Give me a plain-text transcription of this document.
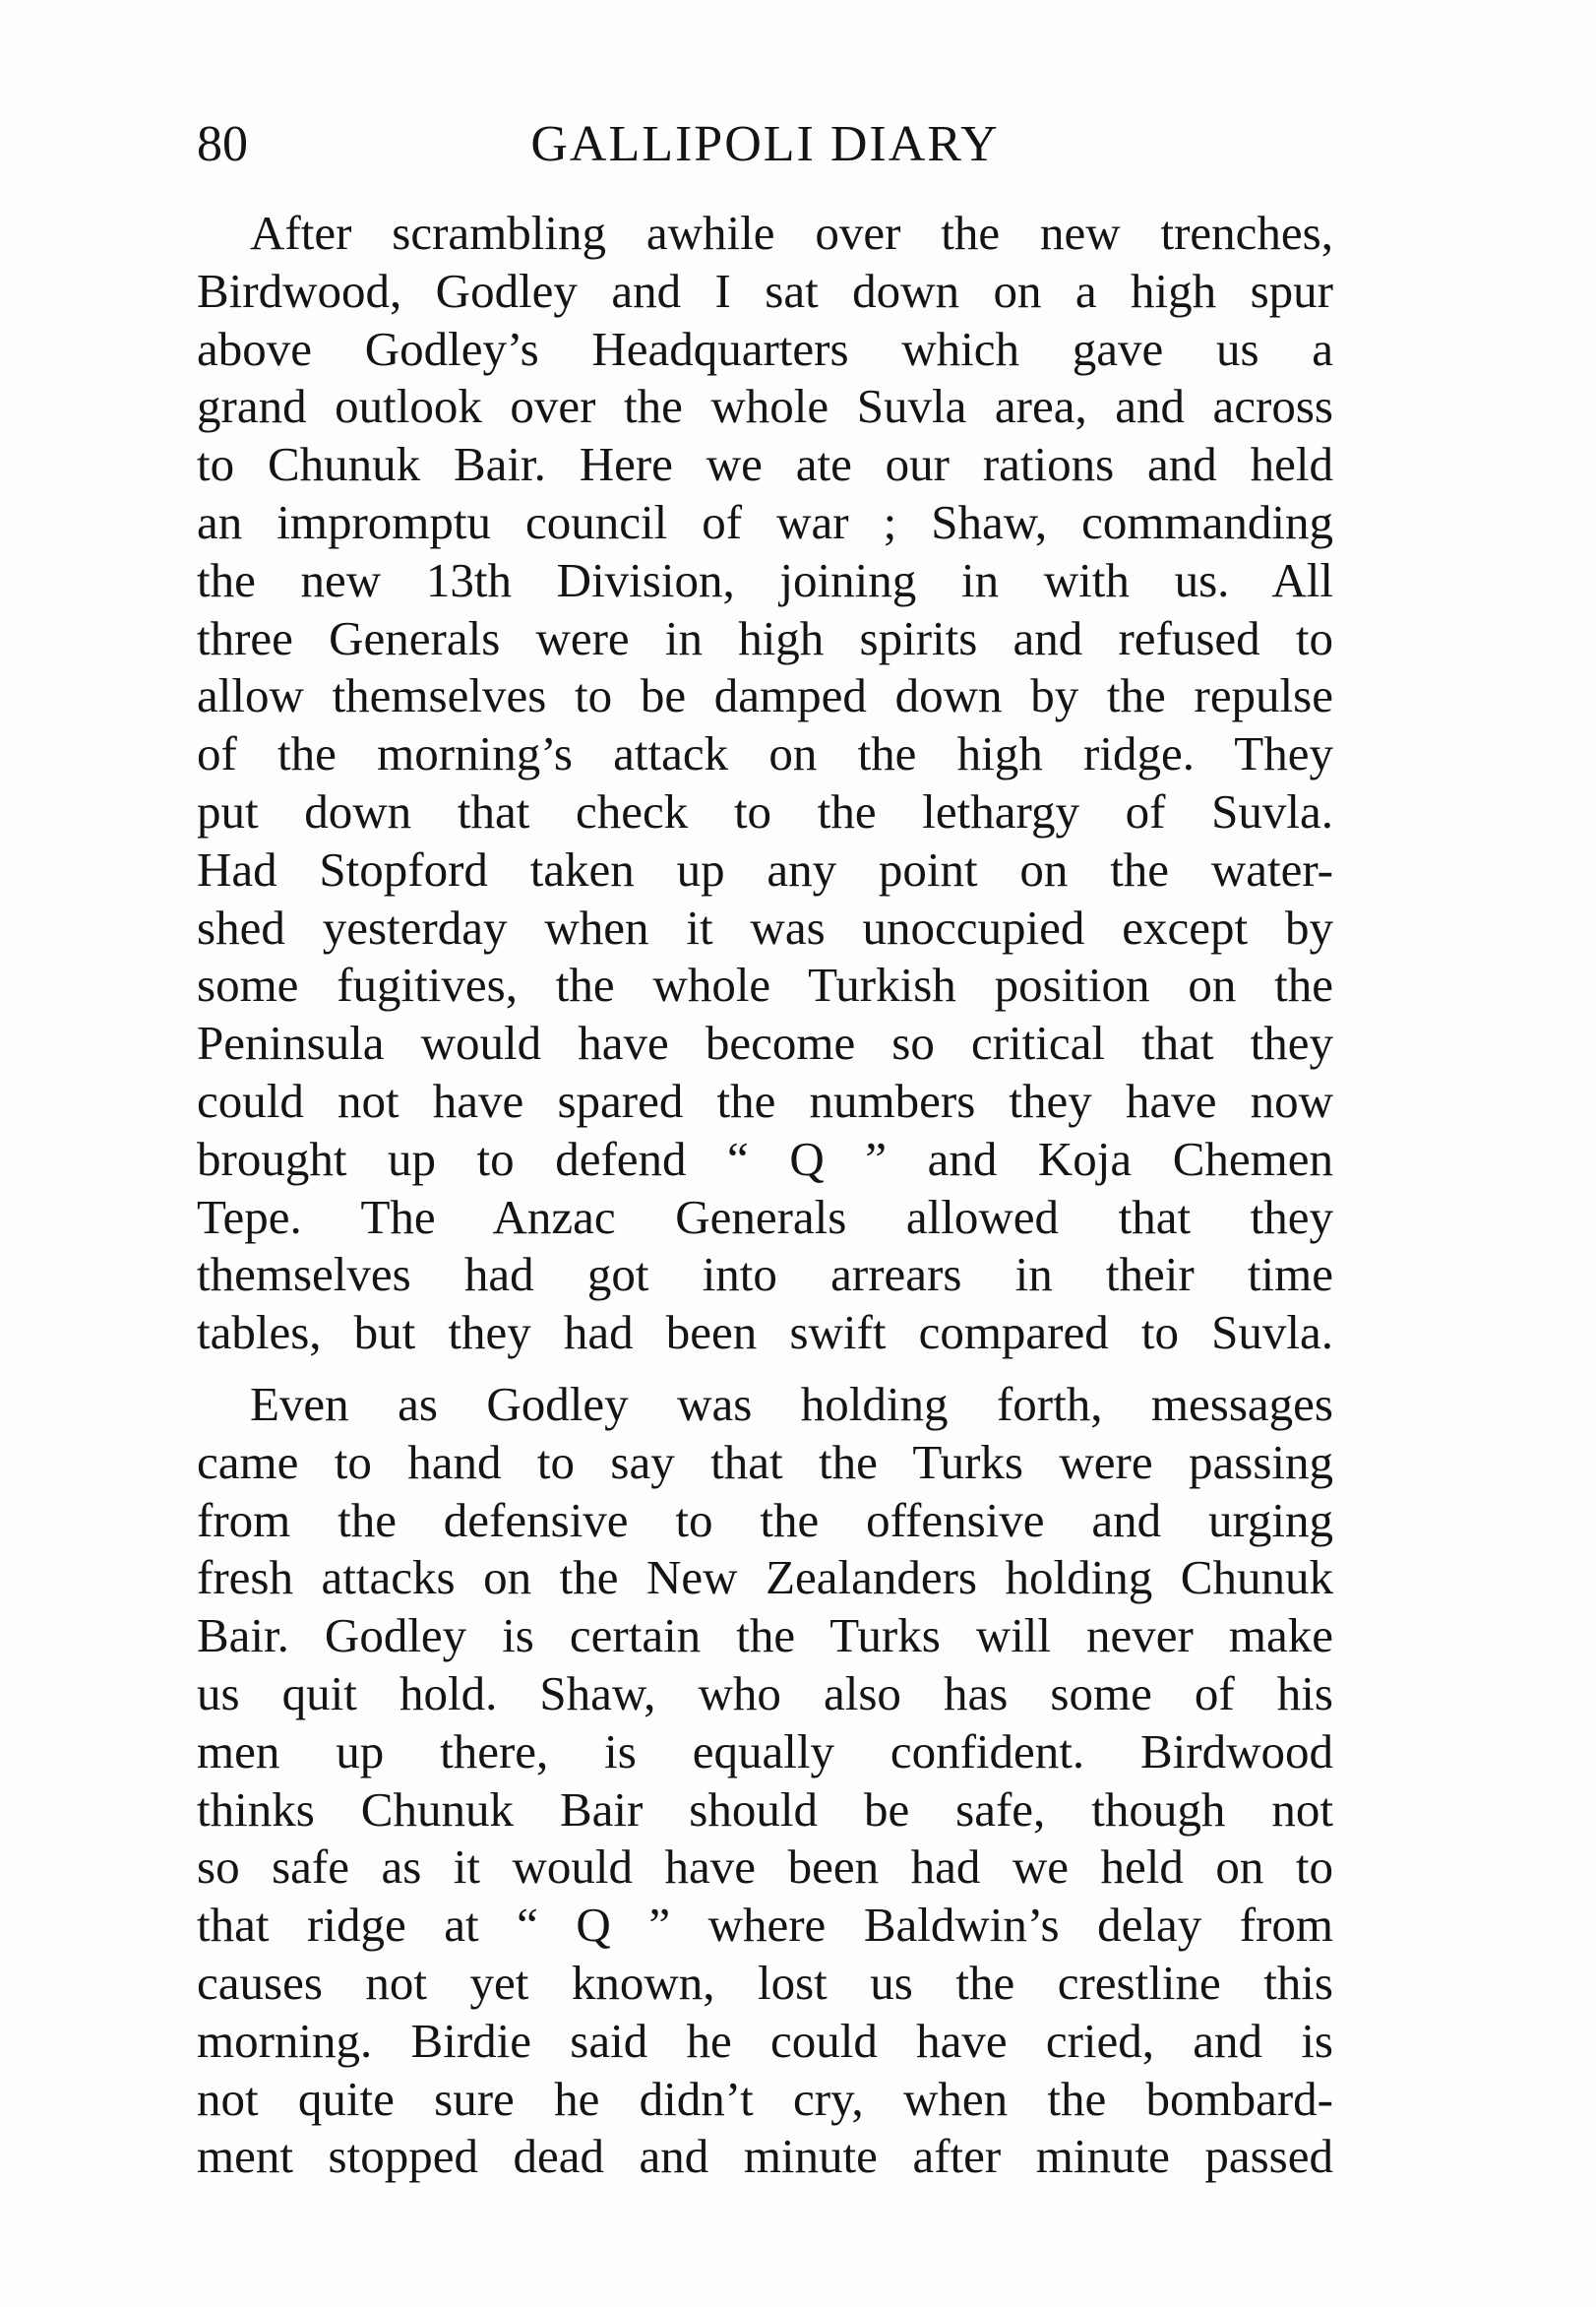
80	GALLIPOLI DIARY
After scrambling awhile over the new trenches,
Birdwood, Godley and I sat down on a high spur
above Godley’s Headquarters which gave us a
grand outlook over the whole Suvla area, and across
to Chunuk Bair. Here we ate our rations and held
an impromptu council of war ; Shaw, commanding
the new 13th Division, joining in with us. All
three Generals were in high spirits and refused to
allow themselves to be damped down by the repulse
of the morning’s attack on the high ridge. They
put down that check to the lethargy of Suvla.
Had Stopford taken up any point on the water-
shed yesterday when it was unoccupied except by
some fugitives, the whole Turkish position on the
Peninsula would have become so critical that they
could not have spared the numbers they have now
brought up to defend “ Q ” and Koja Chemen
Tepe. The Anzac Generals allowed that they
themselves had got into arrears in their time
tables, but they had been swift compared to Suvla.
Even as Godley was holding forth, messages
came to hand to say that the Turks were passing
from the defensive to the offensive and urging
fresh attacks on the New Zealanders holding Chunuk
Bair. Godley is certain the Turks will never make
us quit hold. Shaw, who also has some of his
men up there, is equally confident. Birdwood
thinks Chunuk Bair should be safe, though not
so safe as it would have been had we held on to
that ridge at “ Q ” where Baldwin’s delay from
causes not yet known, lost us the crestline this
morning. Birdie said he could have cried, and is
not quite sure he didn’t cry, when the bombard-
ment stopped dead and minute after minute passed
